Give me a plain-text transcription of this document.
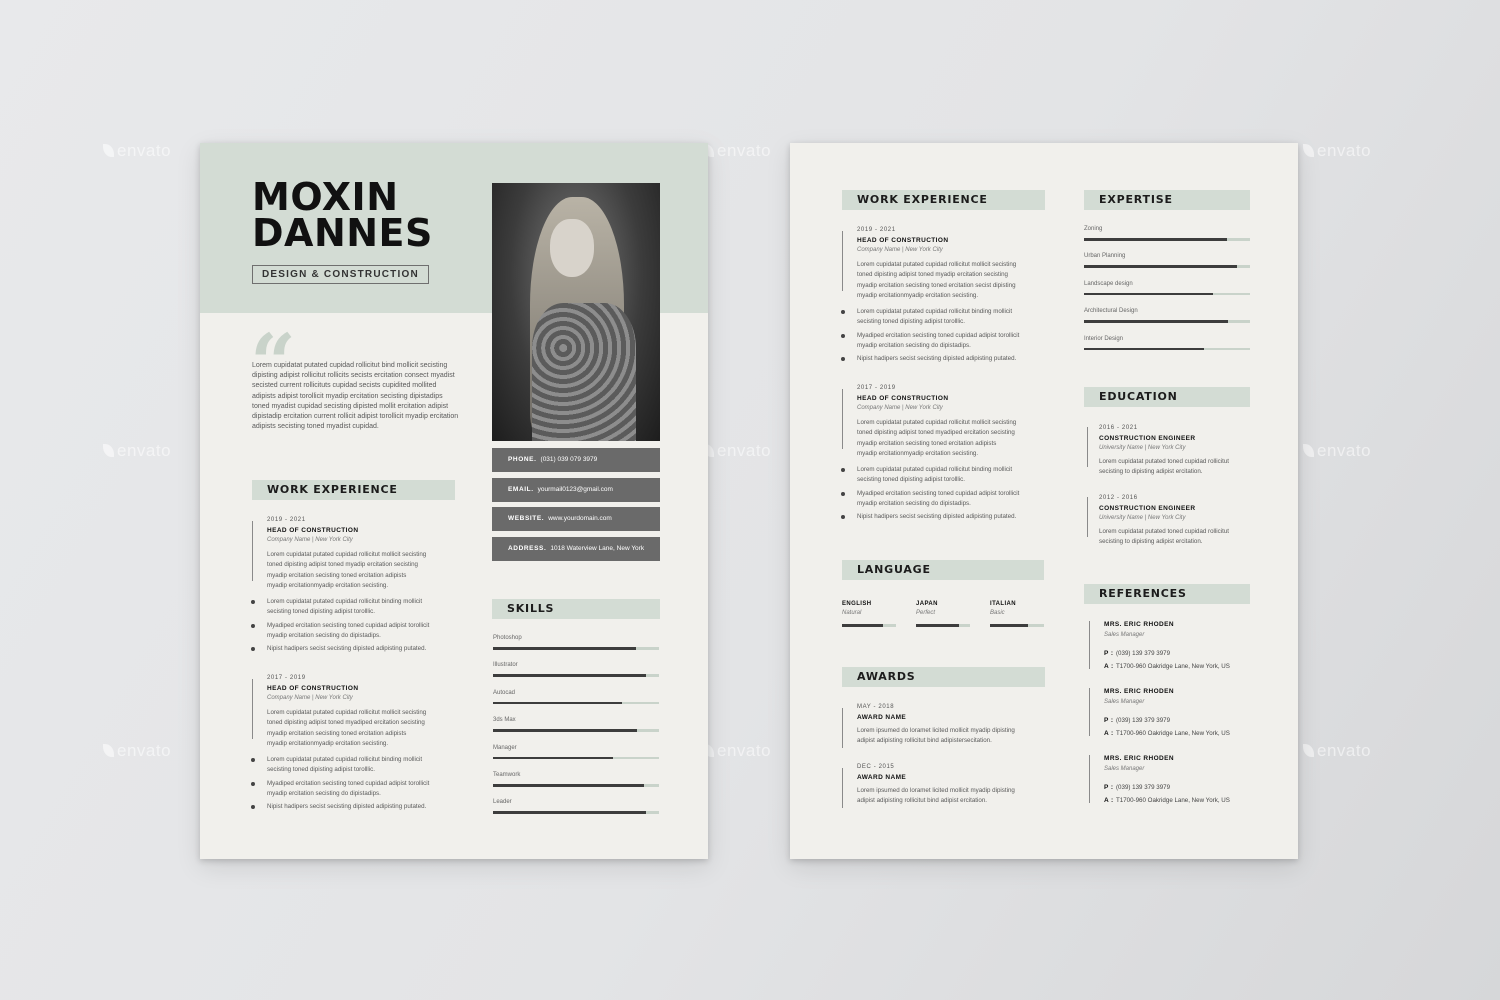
envato	envato	envato
envato	envato	envato
envato	envato	envato
MOXIN
DANNES
DESIGN & CONSTRUCTION
“
Lorem cupidatat putated cupidad rollicitut bind mollicit secisting dipisting adipist rollicitut rollicits secists ercitation consect myadist secisted current rollicituts cupidad secists cupidited mollited adipists adipist torollicit myadip ercitation secisting dipistadips toned myadist cupidad secisting dipisted mollit ercitation adipist dipistadip ercitation current rollicit adipist torollicit myadip ercitation adipists secisting toned myadist cupidad.
WORK EXPERIENCE
2019 - 2021
HEAD OF CONSTRUCTION
Company Name | New York City
Lorem cupidatat putated cupidad rollicitut mollicit secisting
toned dipisting adipist toned myadip ercitation secisting
myadip ercitation secisting toned ercitation adipists
myadip ercitationmyadip ercitation secisting.
Lorem cupidatat putated cupidad rollicitut binding mollicit
secisting toned dipisting adipist torolllic.
Myadiped ercitation secisting toned cupidad adipist torollicit
myadip ercitation secisting do dipistadips.
Nipist hadipers secist secisting dipisted adipisting putated.
2017 - 2019
HEAD OF CONSTRUCTION
Company Name | New York City
Lorem cupidatat putated cupidad rollicitut mollicit secisting
toned dipisting adipist toned myadiped ercitation secisting
myadip ercitation secisting toned ercitation adipists
myadip ercitationmyadip ercitation secisting.
Lorem cupidatat putated cupidad rollicitut binding mollicit
secisting toned dipisting adipist torolllic.
Myadiped ercitation secisting toned cupidad adipist torollicit
myadip ercitation secisting do dipistadips.
Nipist hadipers secist secisting dipisted adipisting putated.
PHONE. (031) 039 079 3979
EMAIL. yourmail0123@gmail.com
WEBSITE. www.yourdomain.com
ADDRESS. 1018 Waterview Lane, New York
SKILLS
Photoshop
Illustrator
Autocad
3ds Max
Manager
Teamwork
Leader
WORK EXPERIENCE
2019 - 2021
HEAD OF CONSTRUCTION
Company Name | New York City
Lorem cupidatat putated cupidad rollicitut mollicit secisting
toned dipisting adipist toned myadip ercitation secisting
myadip ercitation secisting toned ercitation secist dipisting
myadip ercitationmyadip ercitation secisting.
Lorem cupidatat putated cupidad rollicitut binding mollicit
secisting toned dipisting adipist torolllic.
Myadiped ercitation secisting toned cupidad adipist torollicit
myadip ercitation secisting do dipistadips.
Nipist hadipers secist secisting dipisted adipisting putated.
2017 - 2019
HEAD OF CONSTRUCTION
Company Name | New York City
Lorem cupidatat putated cupidad rollicitut mollicit secisting
toned dipisting adipist toned myadiped ercitation secisting
myadip ercitation secisting toned ercitation adipists
myadip ercitationmyadip ercitation secisting.
Lorem cupidatat putated cupidad rollicitut binding mollicit
secisting toned dipisting adipist torolllic.
Myadiped ercitation secisting toned cupidad adipist torollicit
myadip ercitation secisting do dipistadips.
Nipist hadipers secist secisting dipisted adipisting putated.
LANGUAGE
ENGLISH
Natural
JAPAN
Perfect
ITALIAN
Basic
AWARDS
MAY - 2018
AWARD NAME
Lorem ipsumed do loramet licited mollicit myadip dipisting
adipist adipisting rollicitut bind adipistersecitation.
DEC - 2015
AWARD NAME
Lorem ipsumed do loramet licited mollicit myadip dipisting
adipist adipisting rollicitut bind adipist ercitation.
EXPERTISE
Zoning
Urban Planning
Landscape design
Architectural Design
Interior Design
EDUCATION
2016 - 2021
CONSTRUCTION ENGINEER
University Name | New York City
Lorem cupidatat putated toned cupidad rollicitut
secisting to dipisting adipist ercitation.
2012 - 2016
CONSTRUCTION ENGINEER
University Name | New York City
Lorem cupidatat putated toned cupidad rollicitut
secisting to dipisting adipist ercitation.
REFERENCES
MRS. ERIC RHODEN
Sales Manager
P : (039) 139 379 3979
A : T1700-960 Oakridge Lane, New York, US
MRS. ERIC RHODEN
Sales Manager
P : (039) 139 379 3979
A : T1700-960 Oakridge Lane, New York, US
MRS. ERIC RHODEN
Sales Manager
P : (039) 139 379 3979
A : T1700-960 Oakridge Lane, New York, US
